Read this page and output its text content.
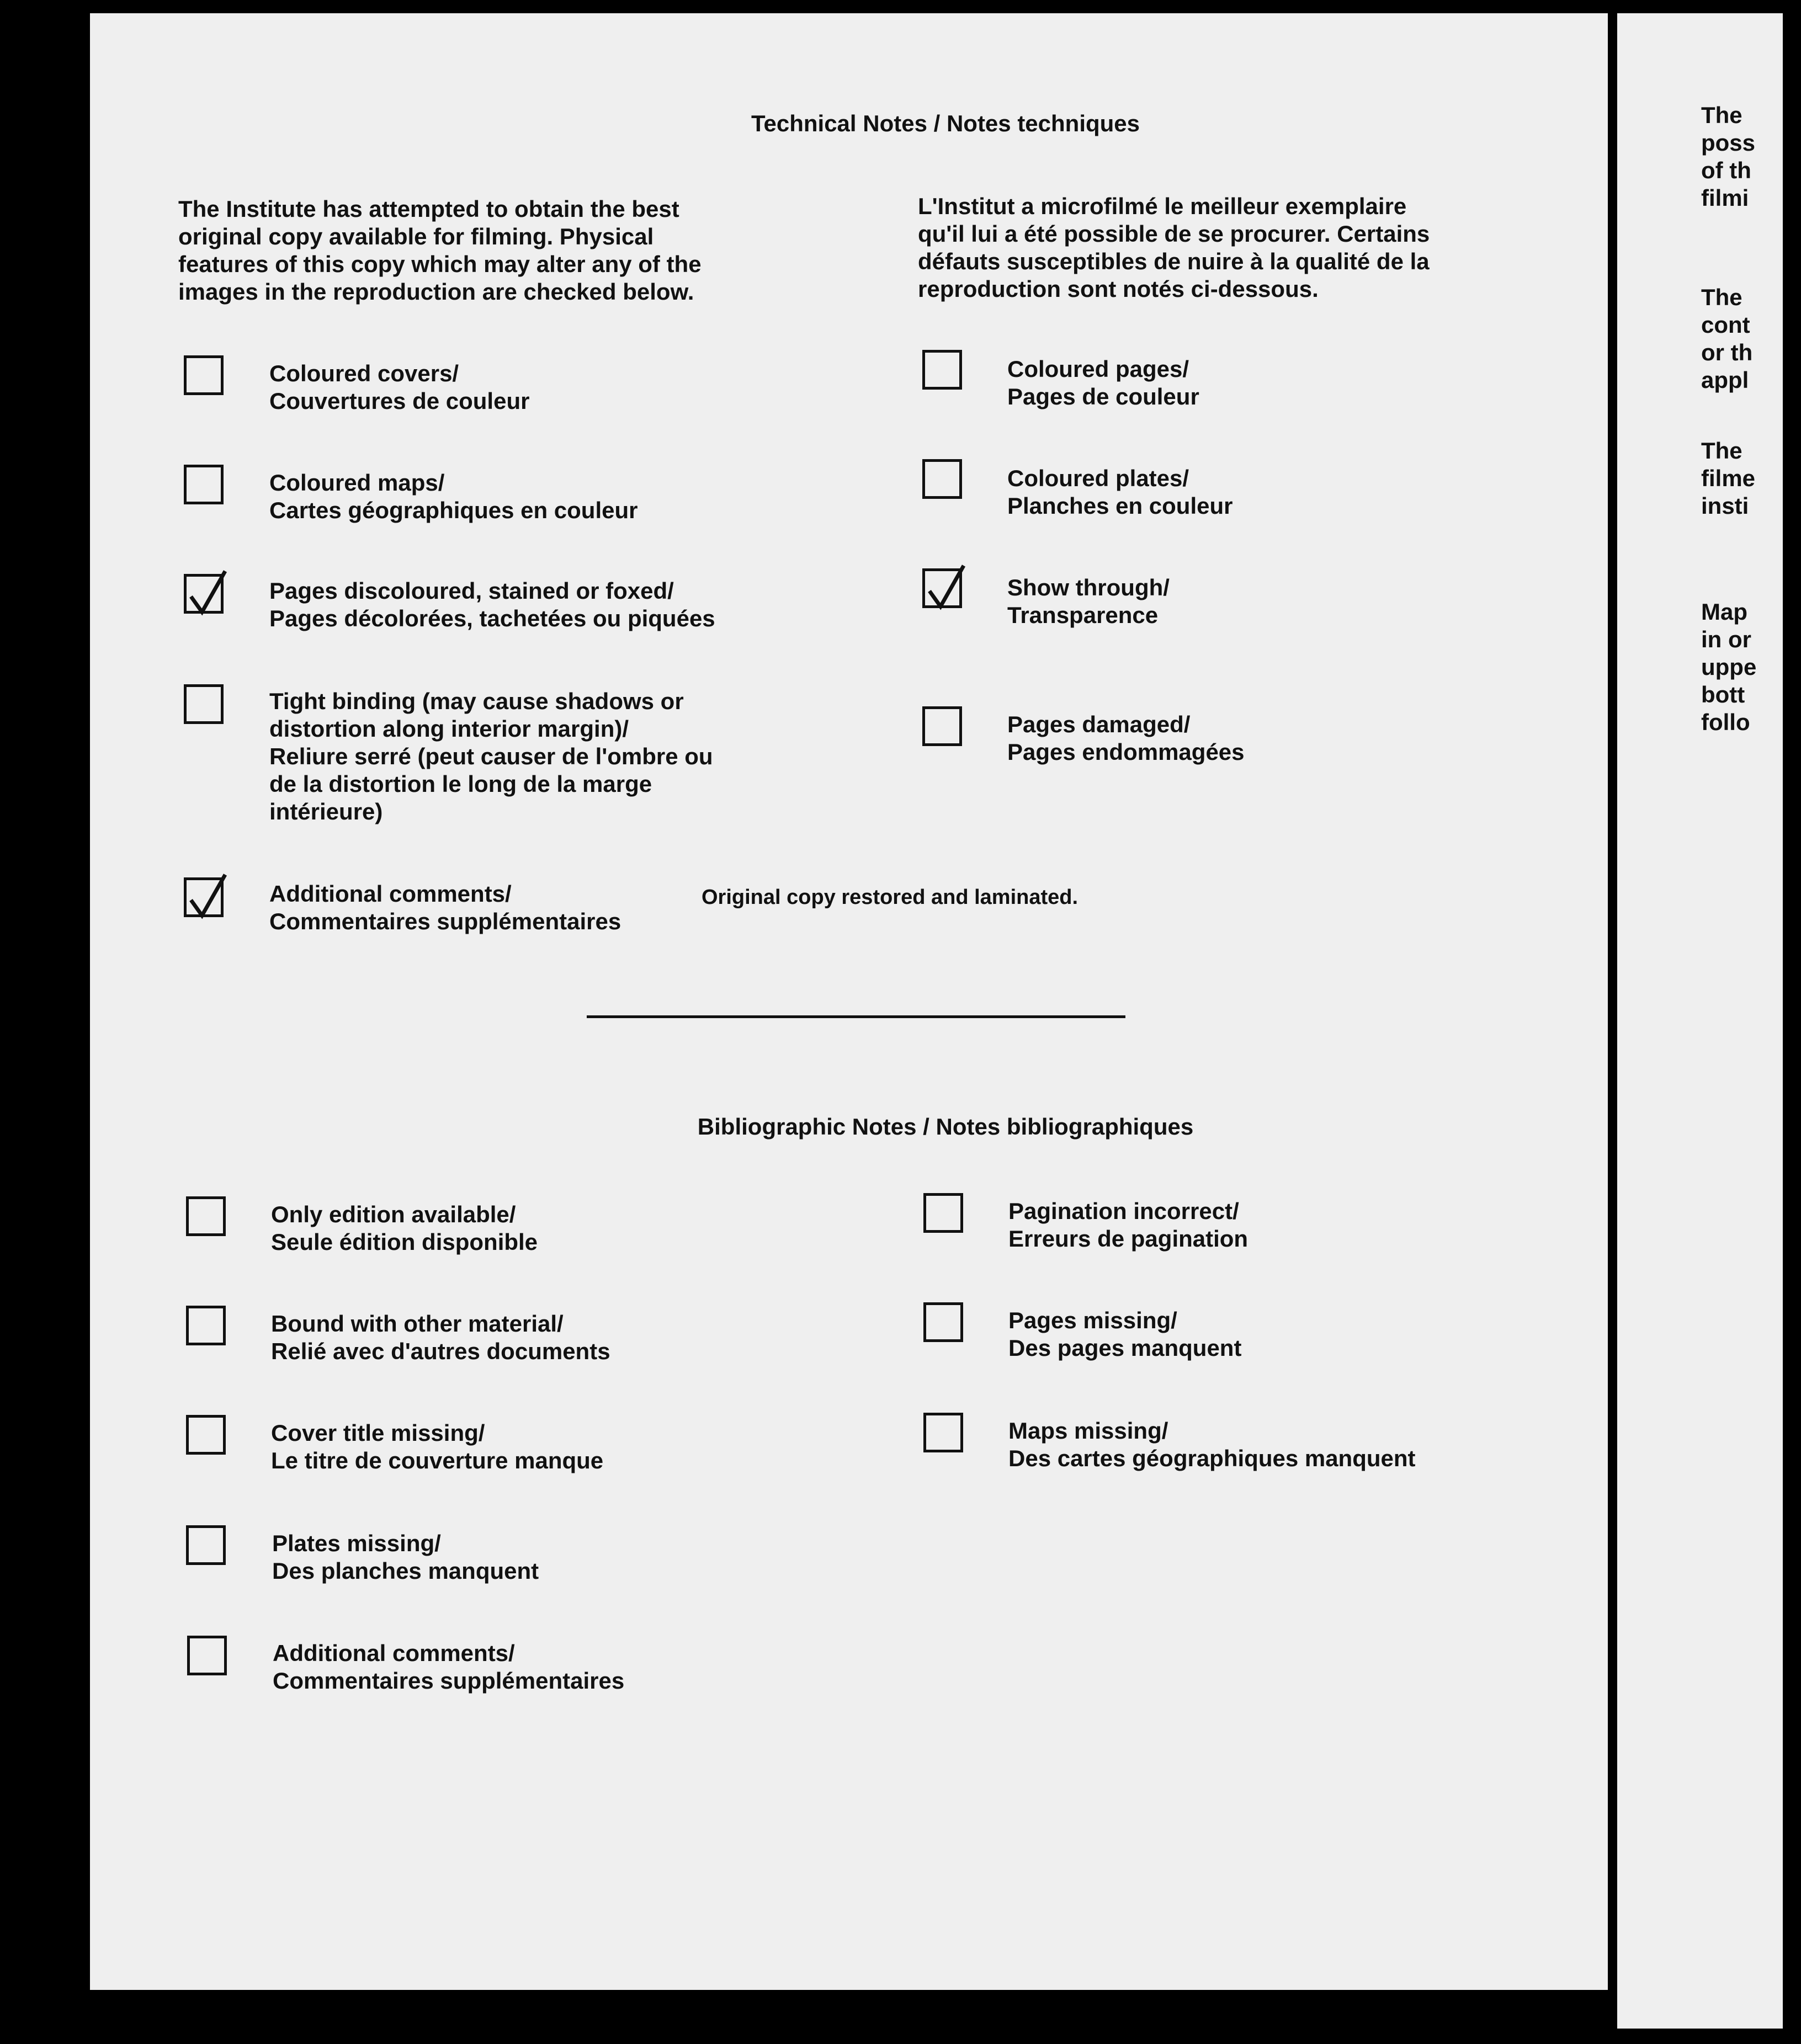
Technical Notes / Notes techniques
The Institute has attempted to obtain the best
original copy available for filming. Physical
features of this copy which may alter any of the
images in the reproduction are checked below.
L'Institut a microfilmé le meilleur exemplaire
qu'il lui a été possible de se procurer. Certains
défauts susceptibles de nuire à la qualité de la
reproduction sont notés ci-dessous.
Coloured covers/
Couvertures de couleur
Coloured maps/
Cartes géographiques en couleur
Pages discoloured, stained or foxed/
Pages décolorées, tachetées ou piquées
Tight binding (may cause shadows or
distortion along interior margin)/
Reliure serré (peut causer de l'ombre ou
de la distortion le long de la marge
intérieure)
Additional comments/
Commentaires supplémentaires
Original copy restored and laminated.
Coloured pages/
Pages de couleur
Coloured plates/
Planches en couleur
Show through/
Transparence
Pages damaged/
Pages endommagées
Bibliographic Notes / Notes bibliographiques
Only edition available/
Seule édition disponible
Bound with other material/
Relié avec d'autres documents
Cover title missing/
Le titre de couverture manque
Plates missing/
Des planches manquent
Additional comments/
Commentaires supplémentaires
Pagination incorrect/
Erreurs de pagination
Pages missing/
Des pages manquent
Maps missing/
Des cartes géographiques manquent
The
poss
of th
filmi
The
cont
or th
appl
The
filme
insti
Map
in or
uppe
bott
follo
